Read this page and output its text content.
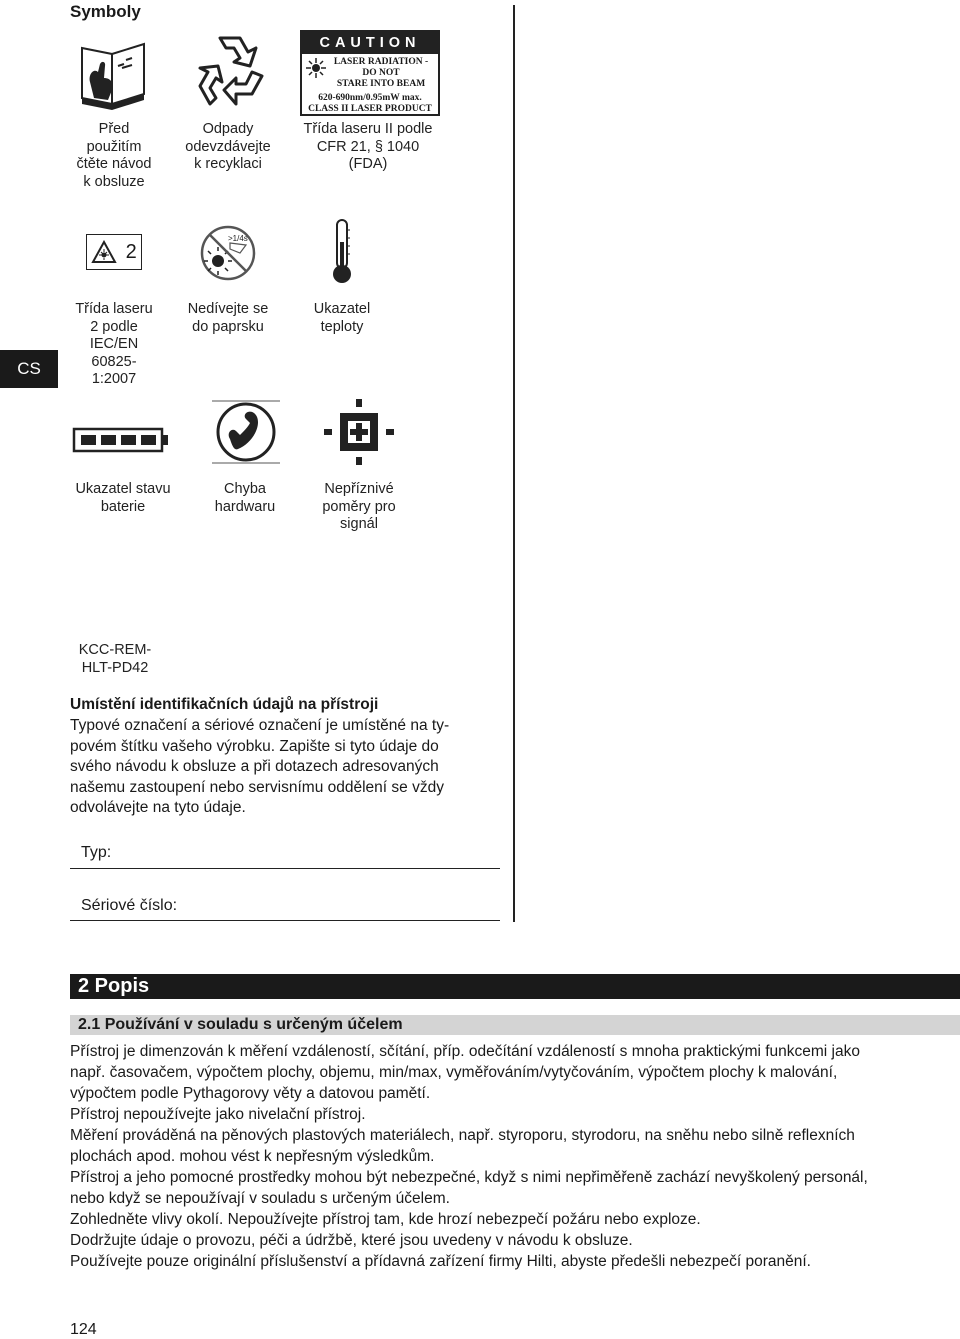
Symboly
CS
CAUTION
LASER RADIATION - DO NOT
STARE INTO BEAM
620-690nm/0.95mW max.
CLASS II LASER PRODUCT
Před
použitím
čtěte návod
k obsluze
Odpady
odevzdávejte
k recyklaci
Třída laseru II podle
CFR 21, § 1040
(FDA)
2
>1/4s
Třída laseru
2 podle
IEC/EN
60825-1:2007
Nedívejte se
do paprsku
Ukazatel
teploty
Ukazatel stavu
baterie
Chyba
hardwaru
Nepříznivé
poměry pro
signál
KCC-REM-
HLT-PD42
Umístění identifikačních údajů na přístroji
Typové označení a sériové označení je umístěné na ty-
povém štítku vašeho výrobku. Zapište si tyto údaje do
svého návodu k obsluze a při dotazech adresovaných
našemu zastoupení nebo servisnímu oddělení se vždy
odvolávejte na tyto údaje.
Typ:
Sériové číslo:
2 Popis
2.1 Používání v souladu s určeným účelem
Přístroj je dimenzován k měření vzdáleností, sčítání, příp. odečítání vzdáleností s mnoha praktickými funkcemi jako
např. časovačem, výpočtem plochy, objemu, min/max, vyměřováním/vytyčováním, výpočtem plochy k malování,
výpočtem podle Pythagorovy věty a datovou pamětí.
Přístroj nepoužívejte jako nivelační přístroj.
Měření prováděná na pěnových plastových materiálech, např. styroporu, styrodoru, na sněhu nebo silně reflexních
plochách apod. mohou vést k nepřesným výsledkům.
Přístroj a jeho pomocné prostředky mohou být nebezpečné, když s nimi nepřiměřeně zachází nevyškolený personál,
nebo když se nepoužívají v souladu s určeným účelem.
Zohledněte vlivy okolí. Nepoužívejte přístroj tam, kde hrozí nebezpečí požáru nebo exploze.
Dodržujte údaje o provozu, péči a údržbě, které jsou uvedeny v návodu k obsluze.
Používejte pouze originální příslušenství a přídavná zařízení firmy Hilti, abyste předešli nebezpečí poranění.
124
